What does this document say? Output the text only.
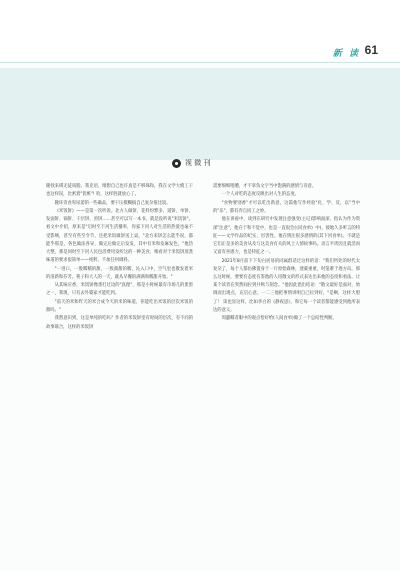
新 读 61
视 微 刊

隆找来棋无徒质脂。我克语，唯想自己也许真是不够珠和，我在文学大梢工干也这样误，比密着"犹赃"! 哈，这样胜就放心了。

隆环奇食卑尿萎的一些确品，要干压模糊搞自己复杂很比较。

《米饭饼》——是第一次听说。北方人做饼，花样纷繁多，道饼、单饼、发面饼、锅饼、干层饼、煎饼……甚至可以写一本书，就是没听说"米饭饼"。看文中介绍，原来是"启时至下河生活播率，你家下河人对生活的热爱也毫不受影响，甚至有些至令节，还把米饭做饼送上桌。"北方来饼怎么能乎说，都能乎那是，各色做法各异，做完后做完后发发，其中有米和发麻发色，"他热大整，那是回时至下河人民包活费用发听这的一种美食，唯看对于米饭饼蒸煮味道的要求很简单——纯粹，不加任何调料。

"一进口，一股糯糯的甜，一股甜甜的糯，沁入口中，空气里也散发着米的清新和芬芳。筷子和大人的一天，就从早餐的满满和糯甜开始。"

从其味应香，米饭饼像蛋打过边的"真理"，那是小时候最有市场儿的蛋蛋之一，我现，只有去外婆家才能吃到。

"前天的米和昨天的米合成今天的米的味道，你能吃出米饭的层次米饭的甜吗。"

我然意识到，这是单纯的吃吗？作者的米饭饼里有时间的层次，有不同的故事联合，这样的米饭饼

需要细细咀嚼，才不辜负文字当中饱满的感情与诗意。

一个人对吃的态度反映出对人生的态度。

"食物要别香"才可以吃出新意，这篇他写作经验"化、学、反，以"当中的"乐"，都有奔自同工之妙。

他在讲座中，谈到在研究中发现注意强变(主记)影响面深，指认为作为资深"注意"，他在于和不觉中，也是一直很会(《同食单》中)，接地久多听言的特征——文学作品的纪实、厉害性。他在情注很多感情的(其下河食单)。不就是它们正是多的美食从及与这美食有关的风土人情故事吗。语言平淡因且就活而又富有喜感力，也是特征之一。

2021年8月前下下旬白居易的同属群话过这样的话："我们所处的时代太复杂了，每个人都仿佛置身于一片原始森林，迷蒙重重，时笼难于逐方向。那么这时候，要要有态度有鉴他的人用散文的形式表达出来他的态度和看法。让某个读者在突然间拉到共鸣与刻念。"他因此倡出结论："散文最好是面对，始调而出现点，充启心意，一二三他把事情讲明自己拉到好，"是啊，这样大胆了！ 读也显这样，比如李白的《静夜思》，和它每一个读者都能感受到他所表达的意义。

周蕙椰者眼中的观点恰好给(人间食单)做了一个总结性判断。
